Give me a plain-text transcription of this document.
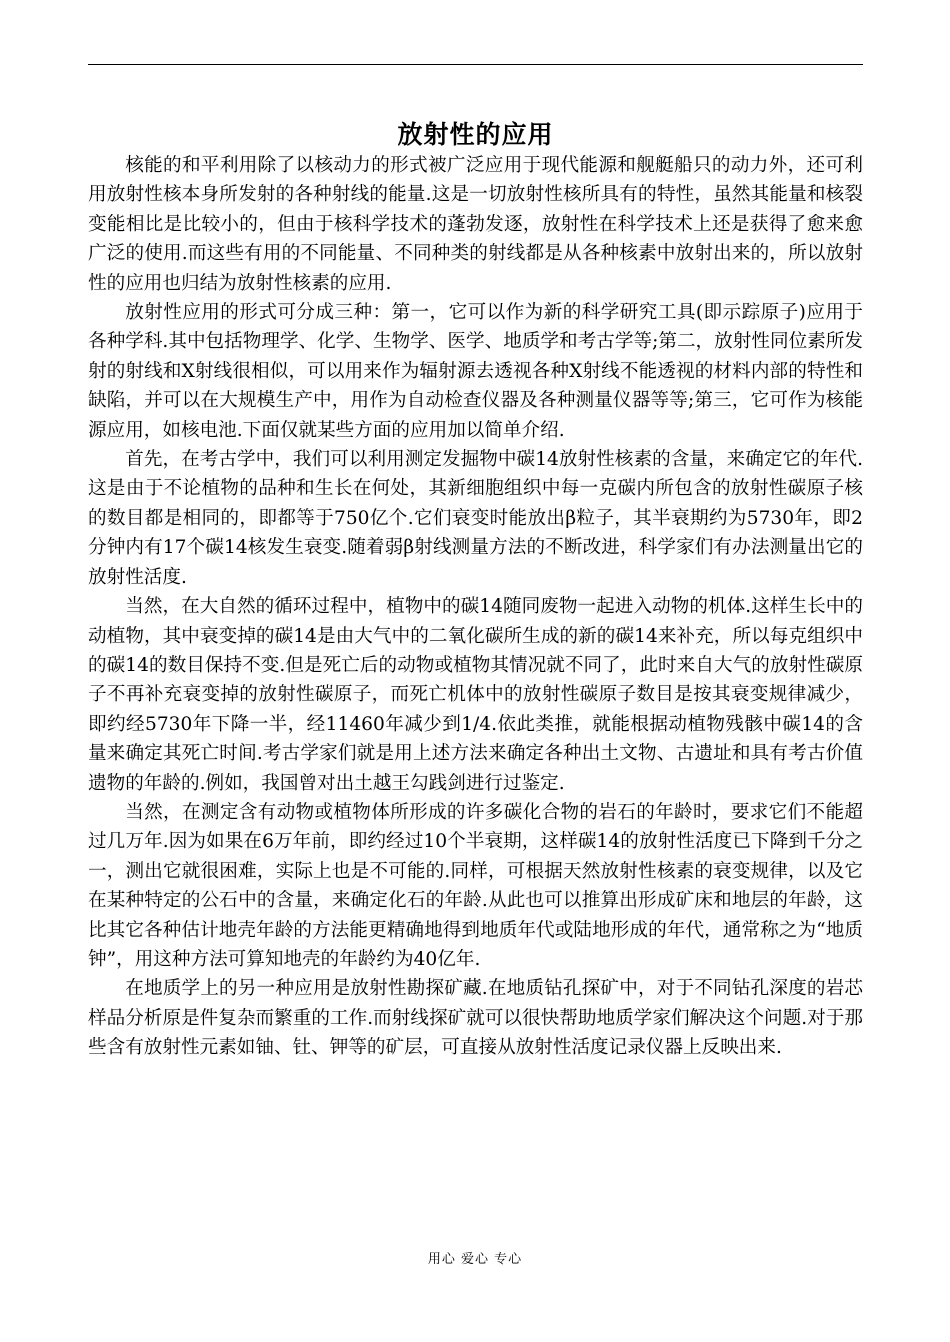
放射性的应用

核能的和平利用除了以核动力的形式被广泛应用于现代能源和舰艇船只的动力外，还可利用放射性核本身所发射的各种射线的能量.这是一切放射性核所具有的特性，虽然其能量和核裂变能相比是比较小的，但由于核科学技术的蓬勃发逐，放射性在科学技术上还是获得了愈来愈广泛的使用.而这些有用的不同能量、不同种类的射线都是从各种核素中放射出来的，所以放射性的应用也归结为放射性核素的应用.

放射性应用的形式可分成三种：第一，它可以作为新的科学研究工具(即示踪原子)应用于各种学科.其中包括物理学、化学、生物学、医学、地质学和考古学等;第二，放射性同位素所发射的射线和X射线很相似，可以用来作为辐射源去透视各种X射线不能透视的材料内部的特性和缺陷，并可以在大规模生产中，用作为自动检查仪器及各种测量仪器等等;第三，它可作为核能源应用，如核电池.下面仅就某些方面的应用加以简单介绍.

首先，在考古学中，我们可以利用测定发掘物中碳14放射性核素的含量，来确定它的年代.这是由于不论植物的品种和生长在何处，其新细胞组织中每一克碳内所包含的放射性碳原子核的数目都是相同的，即都等于750亿个.它们衰变时能放出β粒子，其半衰期约为5730年，即2分钟内有17个碳14核发生衰变.随着弱β射线测量方法的不断改进，科学家们有办法测量出它的放射性活度.

当然，在大自然的循环过程中，植物中的碳14随同废物一起进入动物的机体.这样生长中的动植物，其中衰变掉的碳14是由大气中的二氧化碳所生成的新的碳14来补充，所以每克组织中的碳14的数目保持不变.但是死亡后的动物或植物其情况就不同了，此时来自大气的放射性碳原子不再补充衰变掉的放射性碳原子，而死亡机体中的放射性碳原子数目是按其衰变规律减少，即约经5730年下降一半，经11460年减少到1/4.依此类推，就能根据动植物残骸中碳14的含量来确定其死亡时间.考古学家们就是用上述方法来确定各种出土文物、古遗址和具有考古价值遗物的年龄的.例如，我国曾对出土越王勾践剑进行过鉴定.

当然，在测定含有动物或植物体所形成的许多碳化合物的岩石的年龄时，要求它们不能超过几万年.因为如果在6万年前，即约经过10个半衰期，这样碳14的放射性活度已下降到千分之一，测出它就很困难，实际上也是不可能的.同样，可根据天然放射性核素的衰变规律，以及它在某种特定的公石中的含量，来确定化石的年龄.从此也可以推算出形成矿床和地层的年龄，这比其它各种估计地壳年龄的方法能更精确地得到地质年代或陆地形成的年代，通常称之为“地质钟”，用这种方法可算知地壳的年龄约为40亿年.

在地质学上的另一种应用是放射性勘探矿藏.在地质钻孔探矿中，对于不同钻孔深度的岩芯样品分析原是件复杂而繁重的工作.而射线探矿就可以很快帮助地质学家们解决这个问题.对于那些含有放射性元素如铀、钍、钾等的矿层，可直接从放射性活度记录仪器上反映出来.

用心 爱心 专心
